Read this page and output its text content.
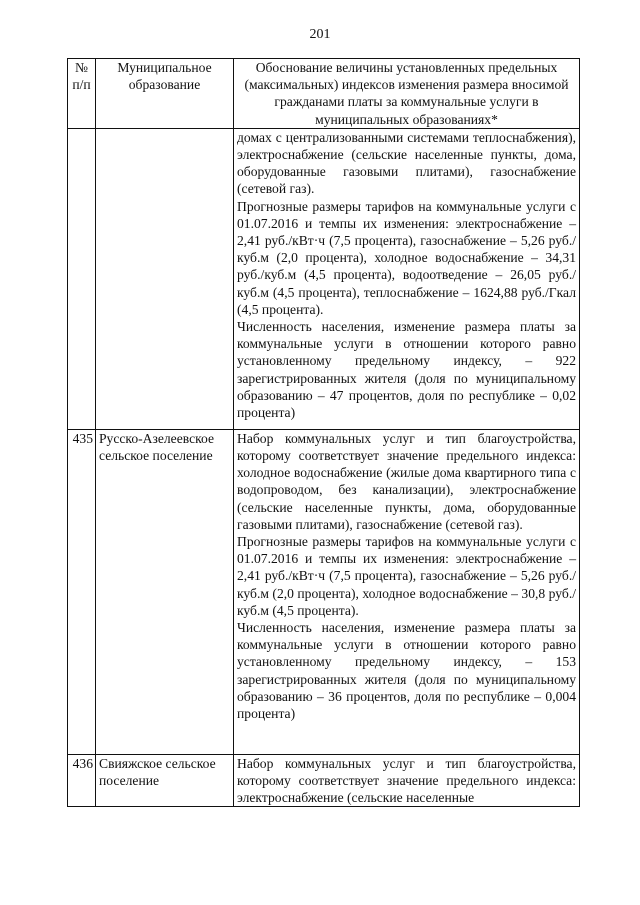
201
№ п/п	Муниципальное образование	Обоснование величины установленных предельных (максимальных) индексов изменения размера вносимой гражданами платы за коммунальные услуги в муниципальных образованиях*

		домах с централизованными системами теплоснабжения), электроснабжение (сельские населенные пункты, дома, оборудованные газовыми плитами), газоснабжение (сетевой газ).

Прогнозные размеры тарифов на коммунальные услуги с 01.07.2016 и темпы их изменения: электроснабжение – 2,41 руб./кВт·ч (7,5 процента), газоснабжение – 5,26 руб./куб.м (2,0 процента), холодное водоснабжение – 34,31 руб./куб.м (4,5 процента), водоотведение – 26,05 руб./куб.м (4,5 процента), теплоснабжение – 1624,88 руб./Гкал (4,5 процента).

Численность населения, изменение размера платы за коммунальные услуги в отношении которого равно установленному предельному индексу, – 922 зарегистрированных жителя (доля по муниципальному образованию – 47 процентов, доля по республике – 0,02 процента)

435	Русско-Азелеевское сельское поселение	Набор коммунальных услуг и тип благоустройства, которому соответствует значение предельного индекса: холодное водоснабжение (жилые дома квартирного типа с водопроводом, без канализации), электроснабжение (сельские населенные пункты, дома, оборудованные газовыми плитами), газоснабжение (сетевой газ).

Прогнозные размеры тарифов на коммунальные услуги с 01.07.2016 и темпы их изменения: электроснабжение – 2,41 руб./кВт·ч (7,5 процента), газоснабжение – 5,26 руб./куб.м (2,0 процента), холодное водоснабжение – 30,8 руб./куб.м (4,5 процента).

Численность населения, изменение размера платы за коммунальные услуги в отношении которого равно установленному предельному индексу, – 153 зарегистрированных жителя (доля по муниципальному образованию – 36 процентов, доля по республике – 0,004 процента)

436	Свияжское сельское поселение	Набор коммунальных услуг и тип благоустройства, которому соответствует значение предельного индекса: электроснабжение (сельские населенные
